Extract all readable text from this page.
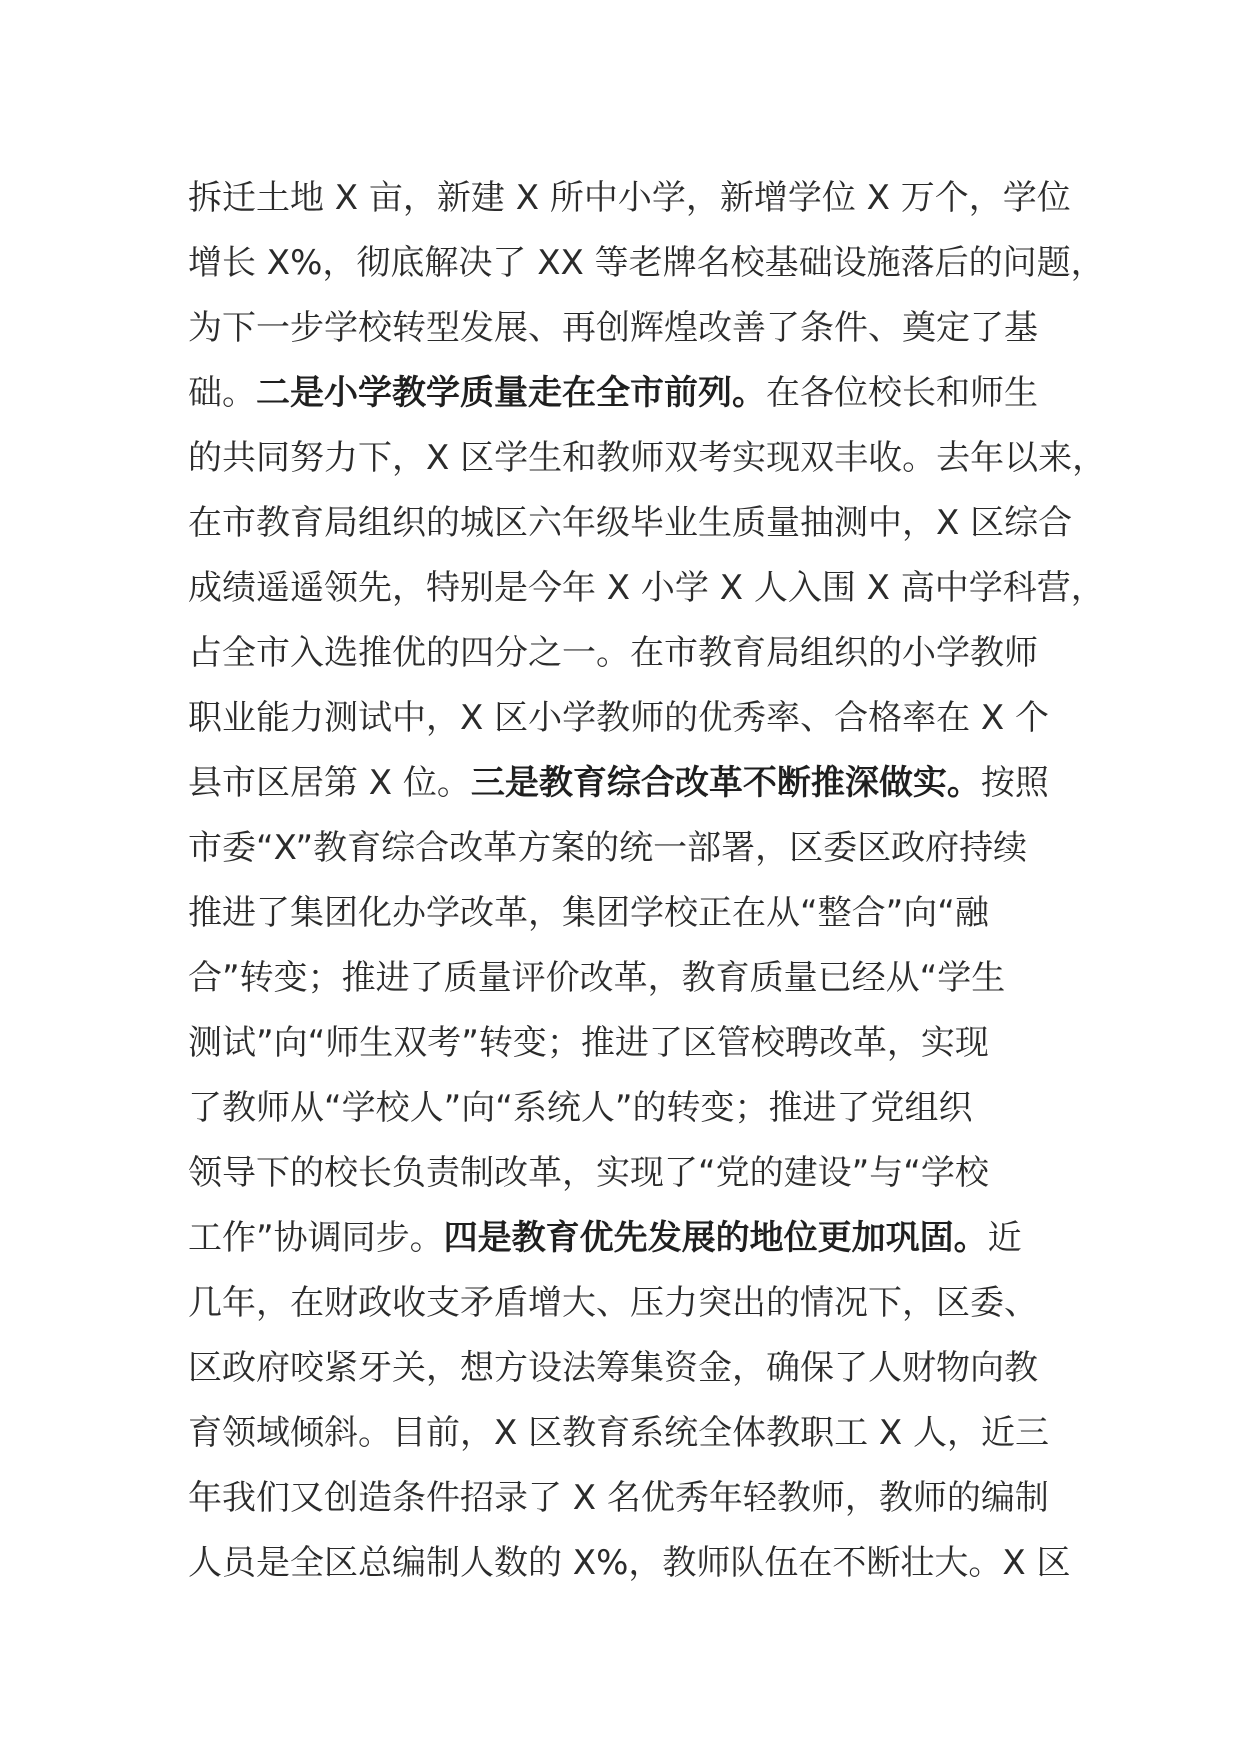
拆迁土地 X 亩，新建 X 所中小学，新增学位 X 万个，学位
增长 X%，彻底解决了 XX 等老牌名校基础设施落后的问题，
为下一步学校转型发展、再创辉煌改善了条件、奠定了基
础。二是小学教学质量走在全市前列。在各位校长和师生
的共同努力下，X 区学生和教师双考实现双丰收。去年以来，
在市教育局组织的城区六年级毕业生质量抽测中，X 区综合
成绩遥遥领先，特别是今年 X 小学 X 人入围 X 高中学科营，
占全市入选推优的四分之一。在市教育局组织的小学教师
职业能力测试中，X 区小学教师的优秀率、合格率在 X 个
县市区居第 X 位。三是教育综合改革不断推深做实。按照
市委“X”教育综合改革方案的统一部署，区委区政府持续
推进了集团化办学改革，集团学校正在从“整合”向“融
合”转变；推进了质量评价改革，教育质量已经从“学生
测试”向“师生双考”转变；推进了区管校聘改革，实现
了教师从“学校人”向“系统人”的转变；推进了党组织
领导下的校长负责制改革，实现了“党的建设”与“学校
工作”协调同步。四是教育优先发展的地位更加巩固。近
几年，在财政收支矛盾增大、压力突出的情况下，区委、
区政府咬紧牙关，想方设法筹集资金，确保了人财物向教
育领域倾斜。目前，X 区教育系统全体教职工 X 人，近三
年我们又创造条件招录了 X 名优秀年轻教师，教师的编制
人员是全区总编制人数的 X%，教师队伍在不断壮大。X 区
